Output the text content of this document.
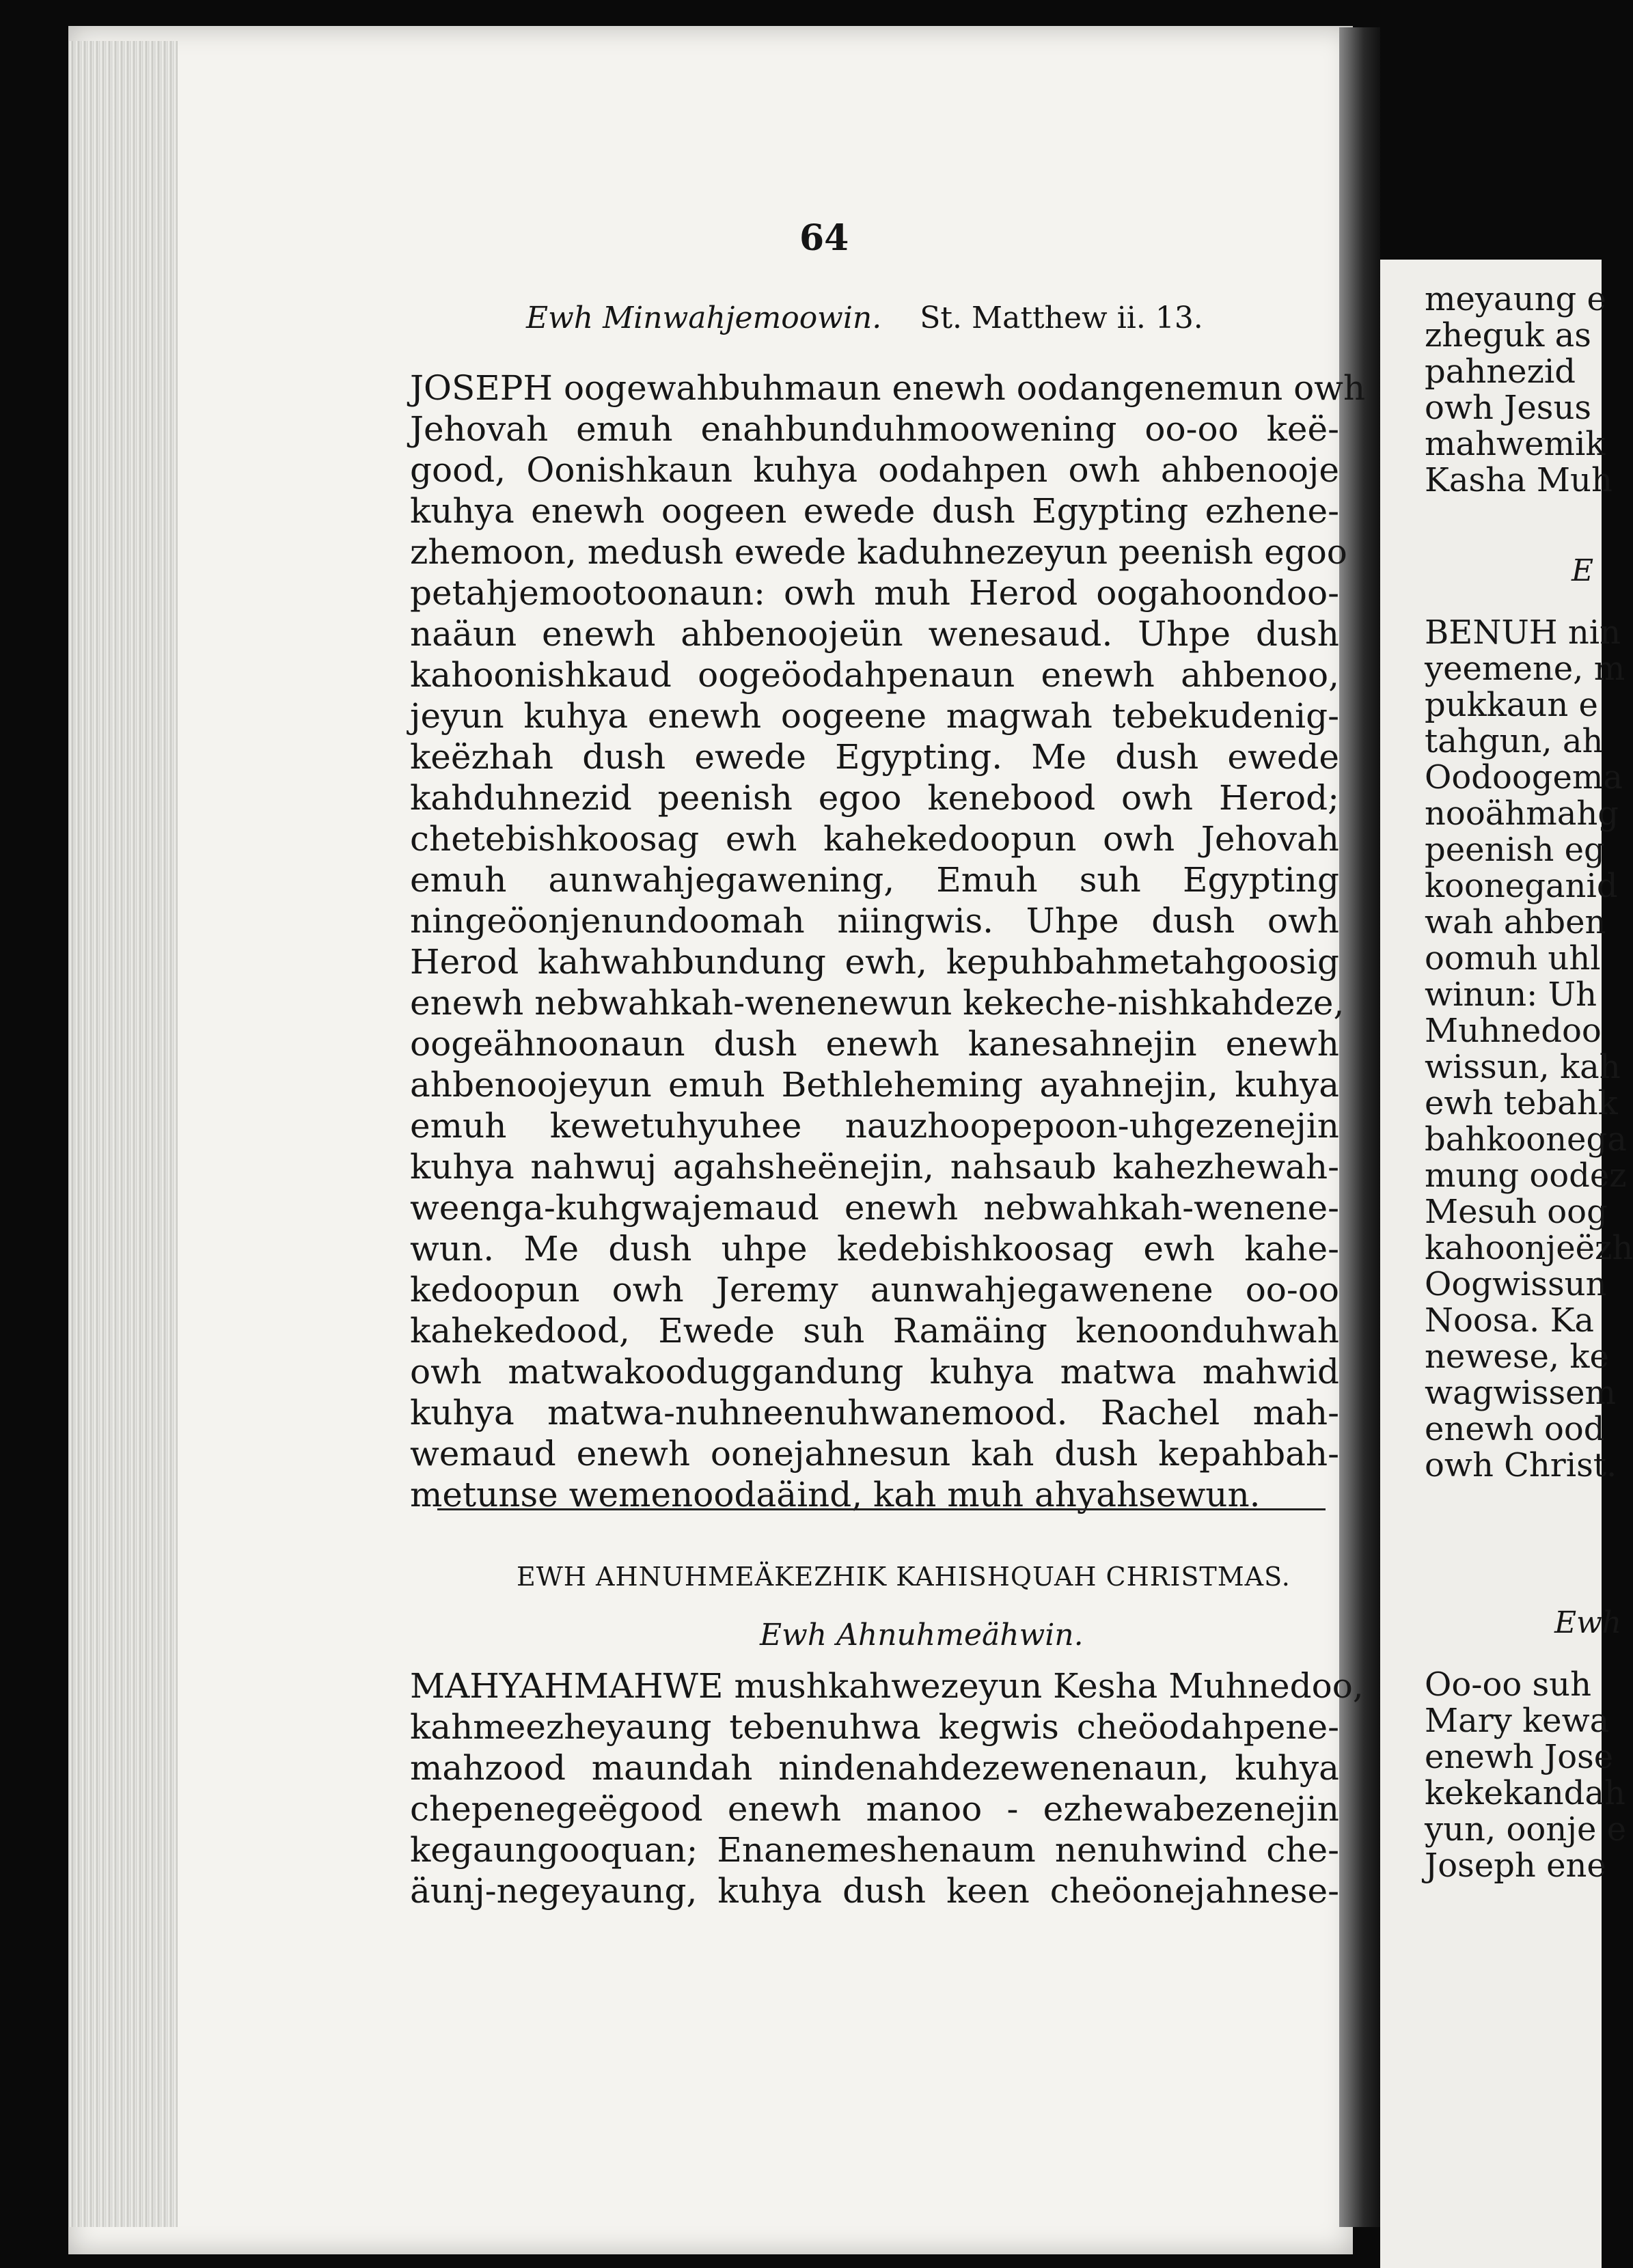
64
Ewh Minwahjemoowin. St. Matthew ii. 13.
JOSEPH oogewahbuhmaun enewh oodangenemun owh
Jehovah emuh enahbunduhmoowening oo-oo keë-
good, Oonishkaun kuhya oodahpen owh ahbenooje
kuhya enewh oogeen ewede dush Egypting ezhene-
zhemoon, medush ewede kaduhnezeyun peenish egoo
petahjemootoonaun: owh muh Herod oogahoondoo-
naäun enewh ahbenoojeün wenesaud. Uhpe dush
kahoonishkaud oogeöodahpenaun enewh ahbenoo,
jeyun kuhya enewh oogeene magwah tebekudenig-
keëzhah dush ewede Egypting. Me dush ewede
kahduhnezid peenish egoo kenebood owh Herod;
chetebishkoosag ewh kahekedoopun owh Jehovah
emuh aunwahjegawening, Emuh suh Egypting
ningeöonjenundoomah niingwis. Uhpe dush owh
Herod kahwahbundung ewh, kepuhbahmetahgoosig
enewh nebwahkah-wenenewun kekeche-nishkahdeze,
oogeähnoonaun dush enewh kanesahnejin enewh
ahbenoojeyun emuh Bethleheming ayahnejin, kuhya
emuh kewetuhyuhee nauzhoopepoon-uhgezenejin
kuhya nahwuj agahsheënejin, nahsaub kahezhewah-
weenga-kuhgwajemaud enewh nebwahkah-wenene-
wun. Me dush uhpe kedebishkoosag ewh kahe-
kedoopun owh Jeremy aunwahjegawenene oo-oo
kahekedood, Ewede suh Ramäing kenoonduhwah
owh matwakooduggandung kuhya matwa mahwid
kuhya matwa-nuhneenuhwanemood. Rachel mah-
wemaud enewh oonejahnesun kah dush kepahbah-
metunse wemenoodaäind, kah muh ahyahsewun.
EWH AHNUHMEÄKEZHIK KAHISHQUAH CHRISTMAS.
Ewh Ahnuhmeähwin.
MAHYAHMAHWE mushkahwezeyun Kesha Muhnedoo,
kahmeezheyaung tebenuhwa kegwis cheöodahpene-
mahzood maundah nindenahdezewenenaun, kuhya
chepenegeëgood enewh manoo - ezhewabezenejin
kegaungooquan; Enanemeshenaum nenuhwind che-
äunj-negeyaung, kuhya dush keen cheöonejahnese-
meyaung e
zheguk as
pahnezid
owh Jesus
mahwemik
Kasha Muh
E
BENUH nin
yeemene, m
pukkaun e
tahgun, ah
Oodoogema
nooähmahg
peenish eg
kooneganid
wah ahben
oomuh uhl
winun: Uh
Muhnedoo
wissun, kah
ewh tebahk
bahkoonega
mung oodez
Mesuh oog
kahoonjeëzh
Oogwissun
Noosa. Ka
newese, ke
wagwissem
enewh ood
owh Christ.
Ewh
Oo-oo suh
Mary kewa
enewh Jose
kekekandah
yun, oonje e
Joseph ene
